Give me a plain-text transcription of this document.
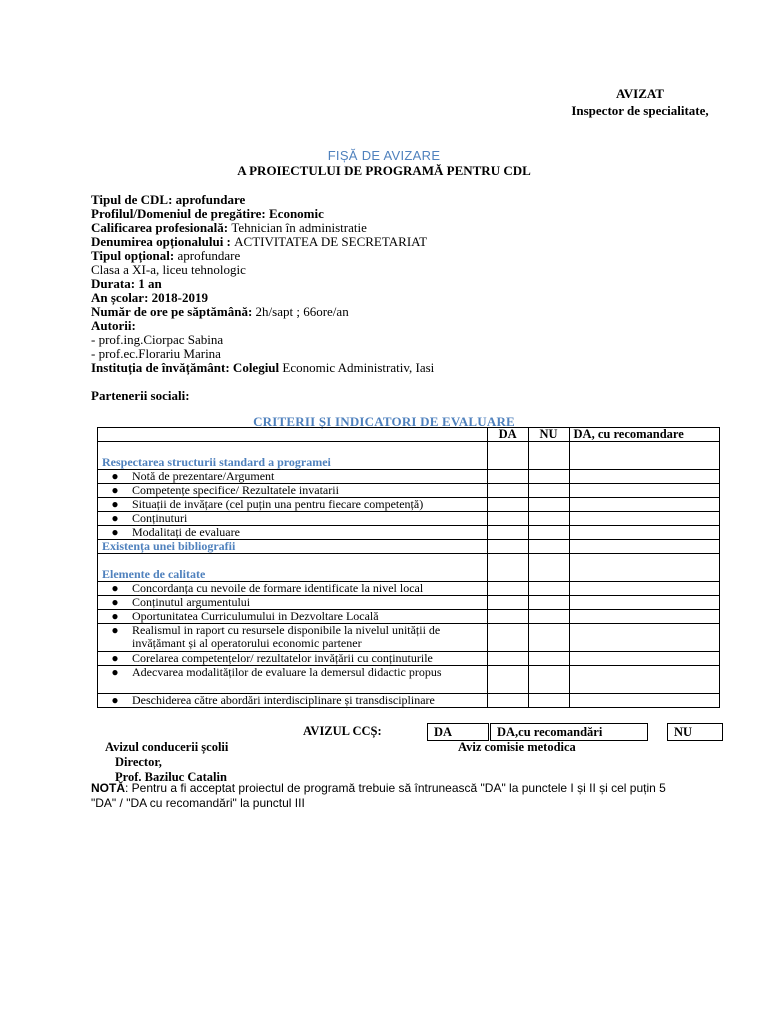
AVIZAT
Inspector de specialitate,
FIȘĂ DE AVIZARE
A PROIECTULUI DE PROGRAMĂ PENTRU CDL
Tipul de CDL: aprofundare
Profilul/Domeniul de pregătire: Economic
Calificarea profesională: Tehnician în administratie
Denumirea opționalului : ACTIVITATEA DE SECRETARIAT
Tipul opțional: aprofundare
Clasa a XI-a, liceu tehnologic
Durata: 1 an
An școlar: 2018-2019
Număr de ore pe săptămână: 2h/sapt ; 66ore/an
Autorii:
- prof.ing.Ciorpac Sabina
- prof.ec.Florariu Marina
Instituția de învățământ: Colegiul Economic Administrativ, Iasi
Partenerii sociali:
CRITERII ȘI INDICATORI DE EVALUARE
	DA	NU	DA, cu recomandare
Respectarea structurii standard a programei			
● Notă de prezentare/Argument			
● Competențe specifice/ Rezultatele invatarii			
● Situații de invățare (cel puțin una pentru fiecare competență)			
● Conținuturi			
● Modalitați de evaluare			
Existența unei bibliografii			
Elemente de calitate			
● Concordanța cu nevoile de formare identificate la nivel local			
● Conținutul argumentului			
● Oportunitatea Curriculumului in Dezvoltare Locală			

● Realismul in raport cu resursele disponibile la nivelul unității de invățămant și al operatorului economic partener			

● Corelarea competențelor/ rezultatelor invățării cu conținuturile			

● Adecvarea modalităților de evaluare la demersul didactic propus			

● Deschiderea către abordări interdisciplinare și transdisciplinare			
AVIZUL CCȘ:	DA	DA,cu recomandări	NU
Avizul conducerii școlii
Director,
Prof. Baziluc Catalin
Aviz comisie metodica
NOTĂ: Pentru a fi acceptat proiectul de programă trebuie să întrunească "DA" la punctele I și II și cel puțin 5
"DA" / "DA cu recomandări" la punctul III
